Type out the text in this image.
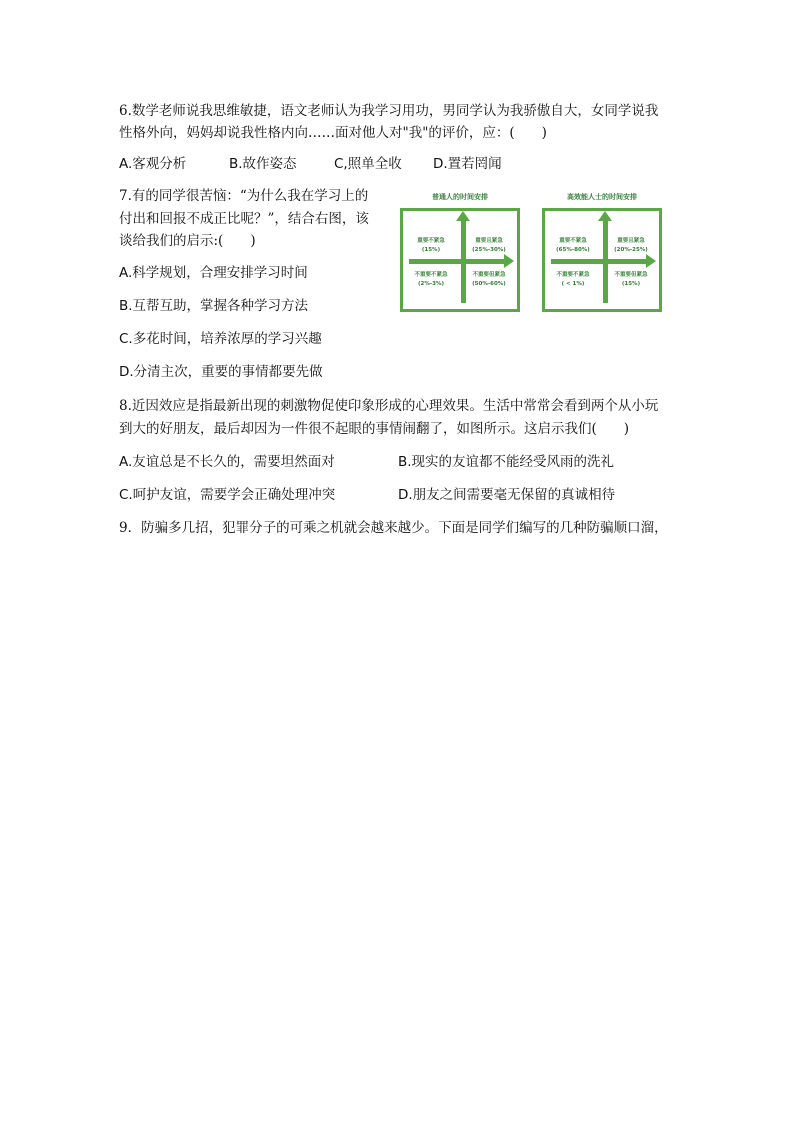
6.数学老师说我思维敏捷，语文老师认为我学习用功，男同学认为我骄傲自大，女同学说我
性格外向，妈妈却说我性格内向……面对他人对"我"的评价，应：(　　)
A.客观分析	B.故作姿态	C,照单全收 D.置若罔闻
7.有的同学很苦恼：“为什么我在学习上的
付出和回报不成正比呢？”，结合右图，该
谈给我们的启示:(　　)
A.科学规划，合理安排学习时间
B.互帮互助，掌握各种学习方法
C.多花时间，培养浓厚的学习兴趣
D.分清主次，重要的事情都要先做
普通人的时间安排
重要不紧急
(15%)
重要且紧急
(25%-30%)
不重要不紧急
(2%-3%)
不重要但紧急
(50%-60%)
高效能人士的时间安排
重要不紧急
(65%-80%)
重要且紧急
(20%-25%)
不重要不紧急
( < 1%)
不重要但紧急
(15%)
8.近因效应是指最新出现的刺激物促使印象形成的心理效果。生活中常常会看到两个从小玩
到大的好朋友，最后却因为一件很不起眼的事情闹翻了，如图所示。这启示我们(　　)
A.友谊总是不长久的，需要坦然面对	B.现实的友谊都不能经受风雨的洗礼
C.呵护友谊，需要学会正确处理冲突	D.朋友之间需要毫无保留的真诚相待
9．防骗多几招，犯罪分子的可乘之机就会越来越少。下面是同学们编写的几种防骗顺口溜，
